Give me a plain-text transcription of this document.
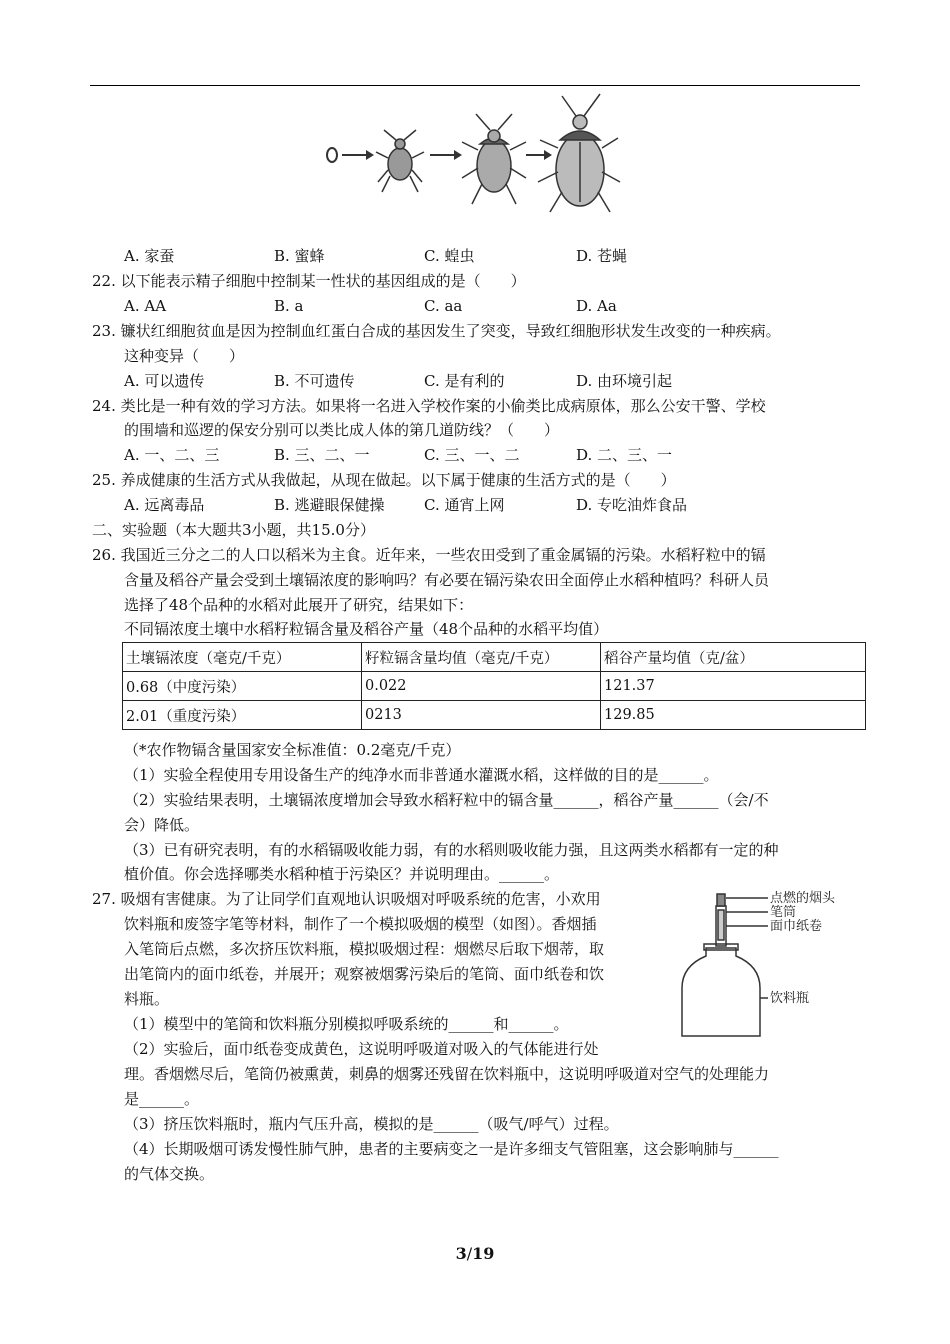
A. 家蚕	B. 蜜蜂	C. 蝗虫	D. 苍蝇
22. 以下能表示精子细胞中控制某一性状的基因组成的是（　　）
A. AA	B. a	C. aa	D. Aa
23. 镰状红细胞贫血是因为控制血红蛋白合成的基因发生了突变，导致红细胞形状发生改变的一种疾病。
这种变异（　　）
A. 可以遗传	B. 不可遗传	C. 是有利的	D. 由环境引起
24. 类比是一种有效的学习方法。如果将一名进入学校作案的小偷类比成病原体，那么公安干警、学校
的围墙和巡逻的保安分别可以类比成人体的第几道防线？（　　）
A. 一、二、三	B. 三、二、一	C. 三、一、二	D. 二、三、一
25. 养成健康的生活方式从我做起，从现在做起。以下属于健康的生活方式的是（　　）
A. 远离毒品	B. 逃避眼保健操	C. 通宵上网	D. 专吃油炸食品
二、实验题（本大题共3小题，共15.0分）
26. 我国近三分之二的人口以稻米为主食。近年来，一些农田受到了重金属镉的污染。水稻籽粒中的镉
含量及稻谷产量会受到土壤镉浓度的影响吗？有必要在镉污染农田全面停止水稻种植吗？科研人员
选择了48个品种的水稻对此展开了研究，结果如下：
不同镉浓度土壤中水稻籽粒镉含量及稻谷产量（48个品种的水稻平均值）
土壤镉浓度（毫克/千克）	籽粒镉含量均值（毫克/千克）	稻谷产量均值（克/盆）
0.68（中度污染）	0.022	121.37
2.01（重度污染）	0213	129.85
（*农作物镉含量国家安全标准值：0.2毫克/千克）
（1）实验全程使用专用设备生产的纯净水而非普通水灌溉水稻，这样做的目的是______。
（2）实验结果表明，土壤镉浓度增加会导致水稻籽粒中的镉含量______，稻谷产量______（会/不
会）降低。
（3）已有研究表明，有的水稻镉吸收能力弱，有的水稻则吸收能力强，且这两类水稻都有一定的种
植价值。你会选择哪类水稻种植于污染区？并说明理由。______。
27. 吸烟有害健康。为了让同学们直观地认识吸烟对呼吸系统的危害，小欢用
饮料瓶和废签字笔等材料，制作了一个模拟吸烟的模型（如图）。香烟插
入笔筒后点燃，多次挤压饮料瓶，模拟吸烟过程：烟燃尽后取下烟蒂，取
出笔筒内的面巾纸卷，并展开；观察被烟雾污染后的笔筒、面巾纸卷和饮
料瓶。
（1）模型中的笔筒和饮料瓶分别模拟呼吸系统的______和______。
（2）实验后，面巾纸卷变成黄色，这说明呼吸道对吸入的气体能进行处
理。香烟燃尽后，笔筒仍被熏黄，刺鼻的烟雾还残留在饮料瓶中，这说明呼吸道对空气的处理能力
是______。
（3）挤压饮料瓶时，瓶内气压升高，模拟的是______（吸气/呼气）过程。
（4）长期吸烟可诱发慢性肺气肿，患者的主要病变之一是许多细支气管阻塞，这会影响肺与______
的气体交换。
点燃的烟头
笔筒
面巾纸卷
饮料瓶
3/19
